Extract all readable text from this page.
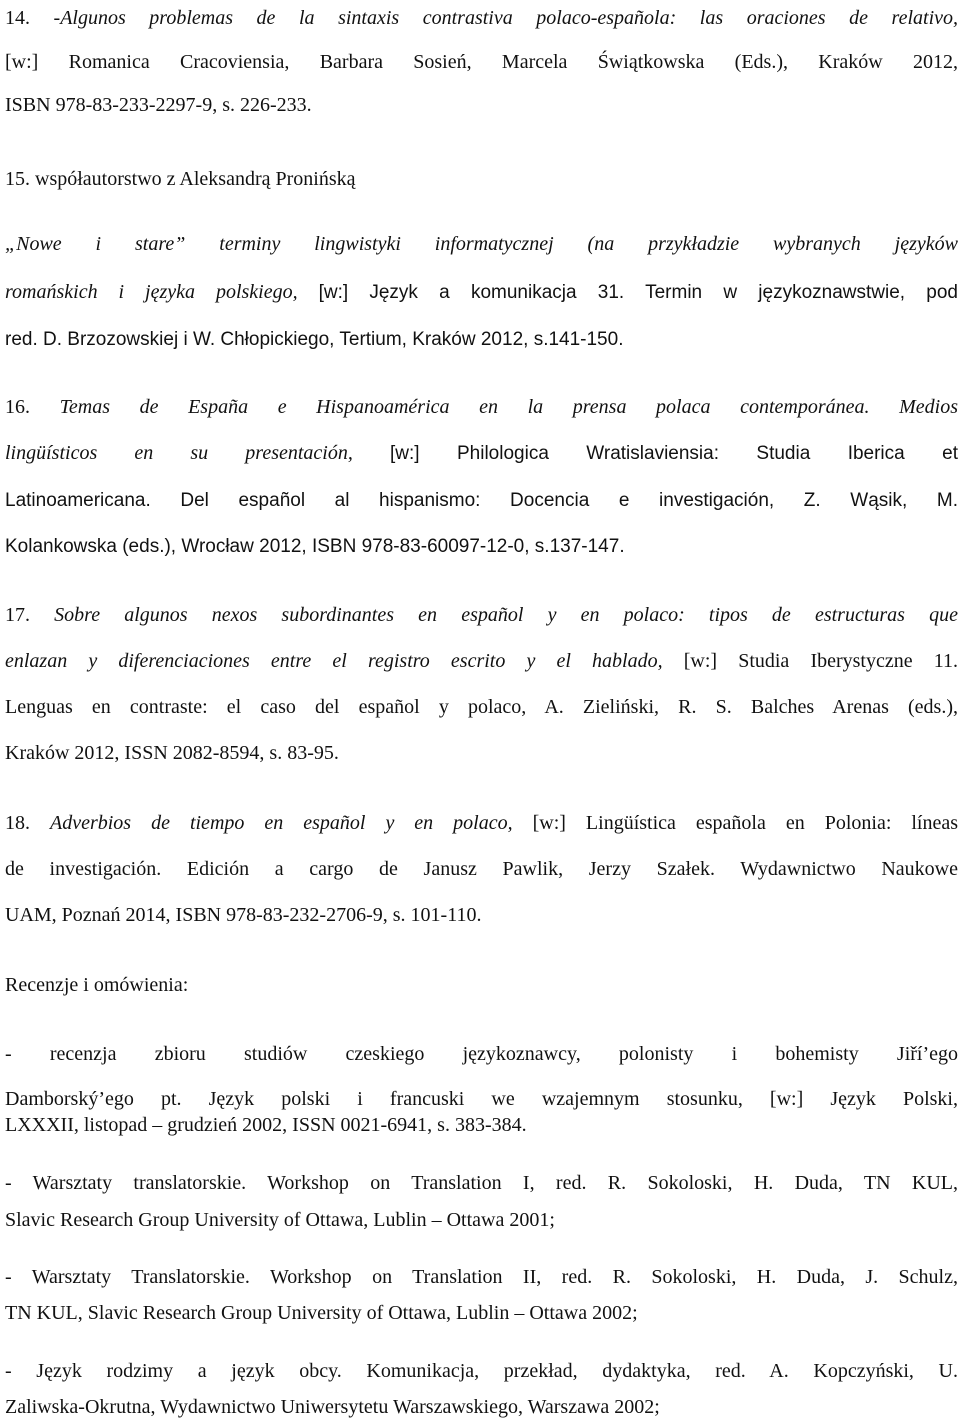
14. -Algunos problemas de la sintaxis contrastiva polaco-española: las oraciones de relativo,
[w:] Romanica Cracoviensia, Barbara Sosień, Marcela Świątkowska (Eds.), Kraków 2012,
ISBN 978-83-233-2297-9, s. 226-233.
15. współautorstwo z Aleksandrą Pronińską
„Nowe i stare” terminy lingwistyki informatycznej (na przykładzie wybranych języków
romańskich i języka polskiego, [w:] Język a komunikacja 31. Termin w językoznawstwie, pod
red. D. Brzozowskiej i W. Chłopickiego, Tertium, Kraków 2012, s.141-150.
16. Temas de España e Hispanoamérica en la prensa polaca contemporánea. Medios
lingüísticos en su presentación, [w:] Philologica Wratislaviensia: Studia Iberica et
Latinoamericana. Del español al hispanismo: Docencia e investigación, Z. Wąsik, M.
Kolankowska (eds.), Wrocław 2012, ISBN 978-83-60097-12-0, s.137-147.
17. Sobre algunos nexos subordinantes en español y en polaco: tipos de estructuras que
enlazan y diferenciaciones entre el registro escrito y el hablado, [w:] Studia Iberystyczne 11.
Lenguas en contraste: el caso del español y polaco, A. Zieliński, R. S. Balches Arenas (eds.),
Kraków 2012, ISSN 2082-8594, s. 83-95.
18. Adverbios de tiempo en español y en polaco, [w:] Lingüística española en Polonia: líneas
de investigación. Edición a cargo de Janusz Pawlik, Jerzy Szałek. Wydawnictwo Naukowe
UAM, Poznań 2014, ISBN 978-83-232-2706-9, s. 101-110.
Recenzje i omówienia:
- recenzja zbioru studiów czeskiego językoznawcy, polonisty i bohemisty Jiří’ego
Damborský’ego pt. Język polski i francuski we wzajemnym stosunku, [w:] Język Polski,
LXXXII, listopad – grudzień 2002, ISSN 0021-6941, s. 383-384.
- Warsztaty translatorskie. Workshop on Translation I, red. R. Sokoloski, H. Duda, TN KUL,
Slavic Research Group University of Ottawa, Lublin – Ottawa 2001;
- Warsztaty Translatorskie. Workshop on Translation II, red. R. Sokoloski, H. Duda, J. Schulz,
TN KUL, Slavic Research Group University of Ottawa, Lublin – Ottawa 2002;
- Język rodzimy a język obcy. Komunikacja, przekład, dydaktyka, red. A. Kopczyński, U.
Zaliwska-Okrutna, Wydawnictwo Uniwersytetu Warszawskiego, Warszawa 2002;
